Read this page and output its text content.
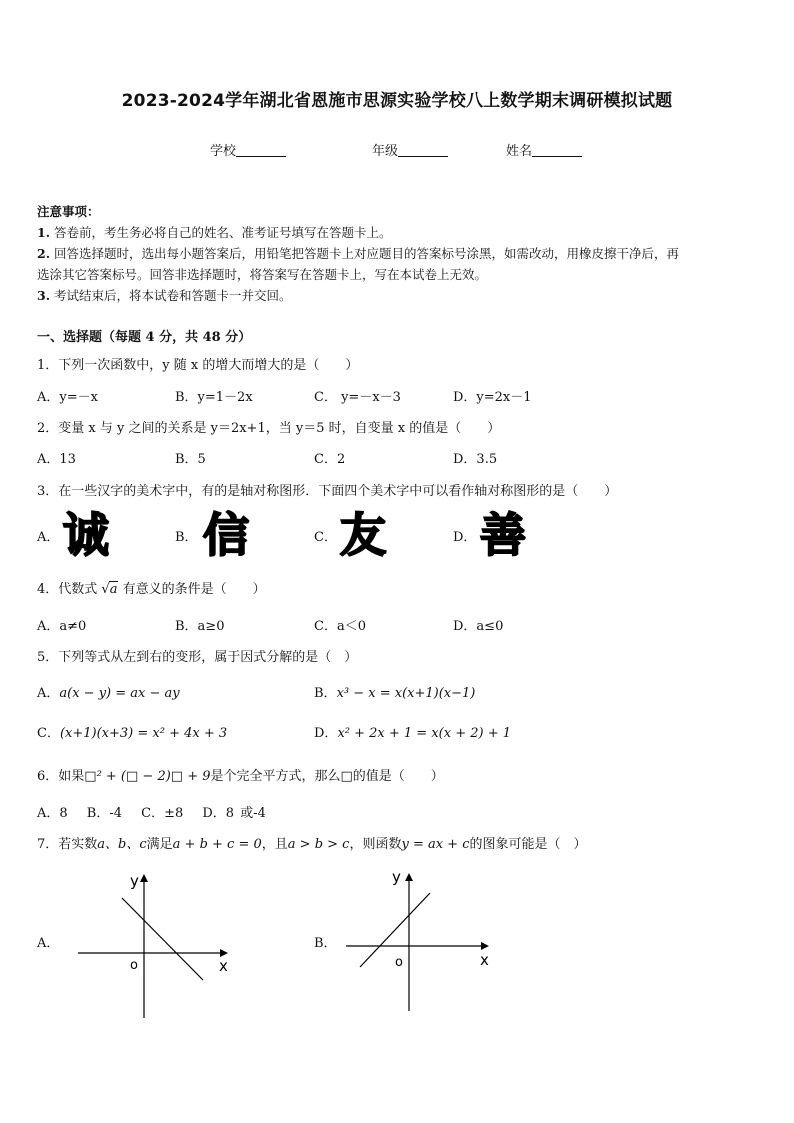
2023-2024学年湖北省恩施市思源实验学校八上数学期末调研模拟试题
学校	年级	姓名
注意事项：
1. 答卷前，考生务必将自己的姓名、准考证号填写在答题卡上。
2. 回答选择题时，选出每小题答案后，用铅笔把答题卡上对应题目的答案标号涂黑，如需改动，用橡皮擦干净后，再
选涂其它答案标号。回答非选择题时，将答案写在答题卡上，写在本试卷上无效。
3. 考试结束后，将本试卷和答题卡一并交回。
一、选择题（每题 4 分，共 48 分）
1．下列一次函数中，y 随 x 的增大而增大的是（　　）
A．y=－x	B．y=1－2x	C． y=－x－3	D．y=2x－1
2．变量 x 与 y 之间的关系是 y＝2x+1，当 y＝5 时，自变量 x 的值是（　　）
A．13	B．5	C．2	D．3.5
3．在一些汉字的美术字中，有的是轴对称图形．下面四个美术字中可以看作轴对称图形的是（　　）
A． 诚	B． 信	C． 友	D． 善
4．代数式 √a 有意义的条件是（　　）
A．a≠0	B．a≥0	C．a＜0	D．a≤0
5．下列等式从左到右的变形，属于因式分解的是（　）
A．a(x − y) = ax − ay	B．x³ − x = x(x+1)(x−1)
C．(x+1)(x+3) = x² + 4x + 3	D．x² + 2x + 1 = x(x + 2) + 1
6．如果□² + (□ − 2)□ + 9是个完全平方式，那么□的值是（　　）
A．8　 B．-4　 C．±8　 D．8 或-4
7．若实数a、b、c满足a + b + c = 0，且a > b > c，则函数y = ax + c的图象可能是（　）
A．
y
x
o
B．
y
x
o
